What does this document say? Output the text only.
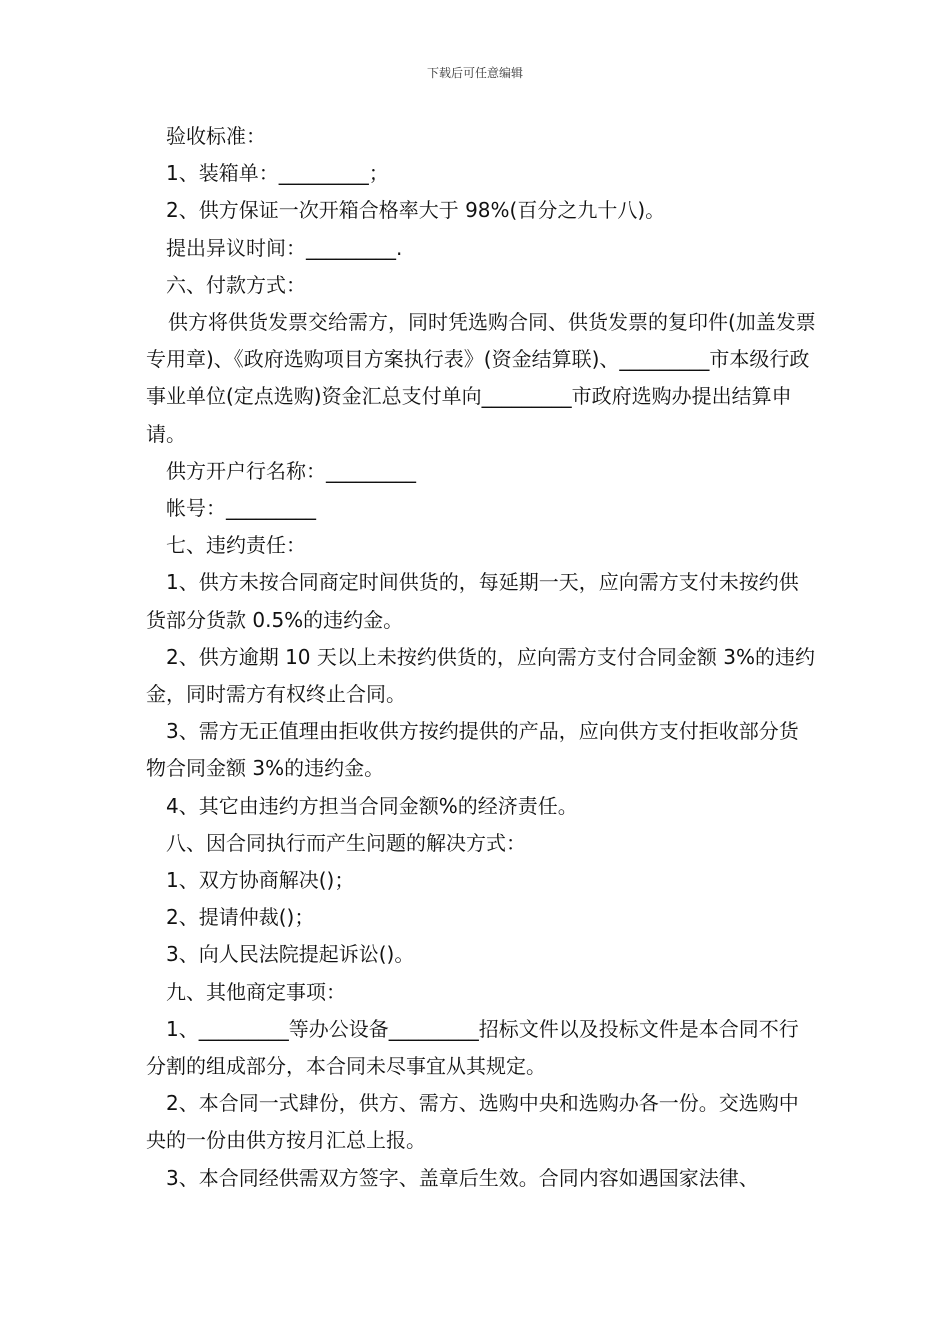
下载后可任意编辑

验收标准：

1、装箱单：_________；

2、供方保证一次开箱合格率大于 98%(百分之九十八)。

提出异议时间：_________.

六、付款方式：

供方将供货发票交给需方，同时凭选购合同、供货发票的复印件(加盖发票专用章)、《政府选购项目方案执行表》(资金结算联)、_________市本级行政事业单位(定点选购)资金汇总支付单向_________市政府选购办提出结算申请。

供方开户行名称：_________

帐号：_________

七、违约责任：

1、供方未按合同商定时间供货的，每延期一天，应向需方支付未按约供货部分货款 0.5%的违约金。

2、供方逾期 10 天以上未按约供货的，应向需方支付合同金额 3%的违约金，同时需方有权终止合同。

3、需方无正值理由拒收供方按约提供的产品，应向供方支付拒收部分货物合同金额 3%的违约金。

4、其它由违约方担当合同金额%的经济责任。

八、因合同执行而产生问题的解决方式：

1、双方协商解决()；

2、提请仲裁()；

3、向人民法院提起诉讼()。

九、其他商定事项：

1、_________等办公设备_________招标文件以及投标文件是本合同不行分割的组成部分，本合同未尽事宜从其规定。

2、本合同一式肆份，供方、需方、选购中央和选购办各一份。交选购中央的一份由供方按月汇总上报。

3、本合同经供需双方签字、盖章后生效。合同内容如遇国家法律、
